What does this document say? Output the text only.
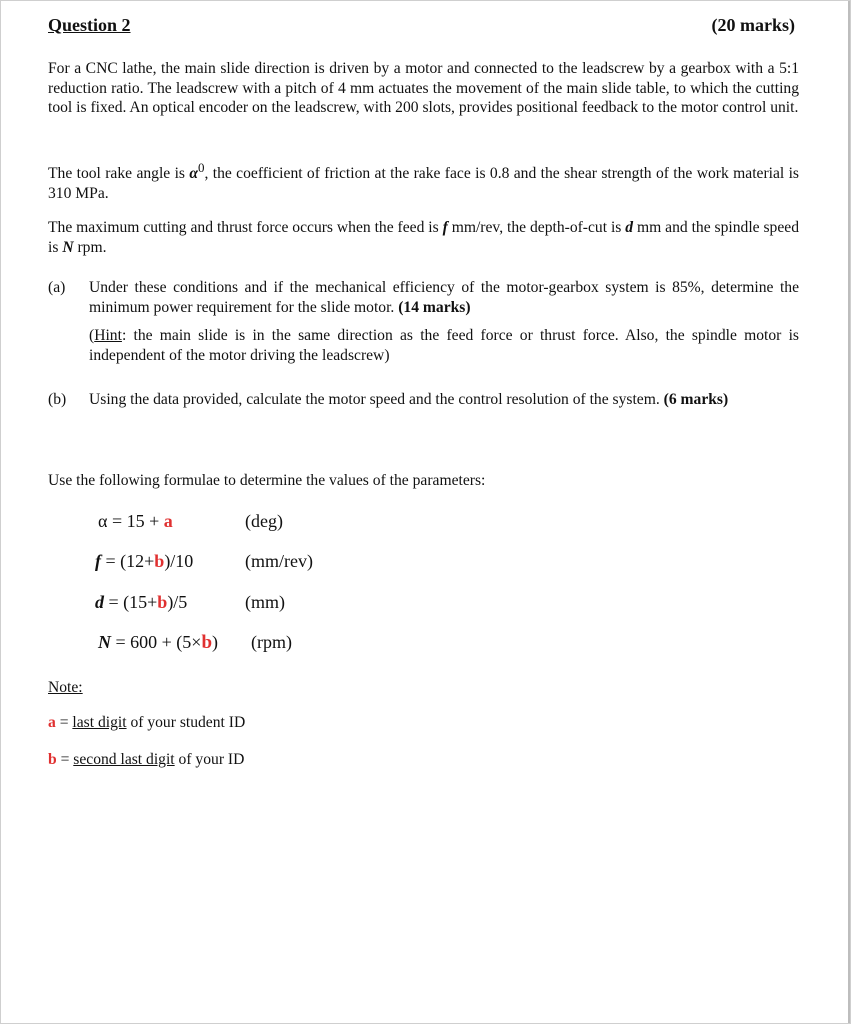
Question 2	(20 marks)
For a CNC lathe, the main slide direction is driven by a motor and connected to the leadscrew by a gearbox with a 5:1 reduction ratio. The leadscrew with a pitch of 4 mm actuates the movement of the main slide table, to which the cutting tool is fixed. An optical encoder on the leadscrew, with 200 slots, provides positional feedback to the motor control unit.
The tool rake angle is $\alpha^0$, the coefficient of friction at the rake face is 0.8 and the shear strength of the work material is 310 MPa.
The maximum cutting and thrust force occurs when the feed is f mm/rev, the depth-of-cut is d mm and the spindle speed is N rpm.
(a) Under these conditions and if the mechanical efficiency of the motor-gearbox system is 85%, determine the minimum power requirement for the slide motor. (14 marks)
(Hint: the main slide is in the same direction as the feed force or thrust force. Also, the spindle motor is independent of the motor driving the leadscrew)
(b) Using the data provided, calculate the motor speed and the control resolution of the system. (6 marks)
Use the following formulae to determine the values of the parameters:
α = 15 + a	(deg)
f = (12+b)/10	(mm/rev)
d = (15+b)/5	(mm)
N = 600 + (5×b) (rpm)
Note:
a = last digit of your student ID
b = second last digit of your ID
